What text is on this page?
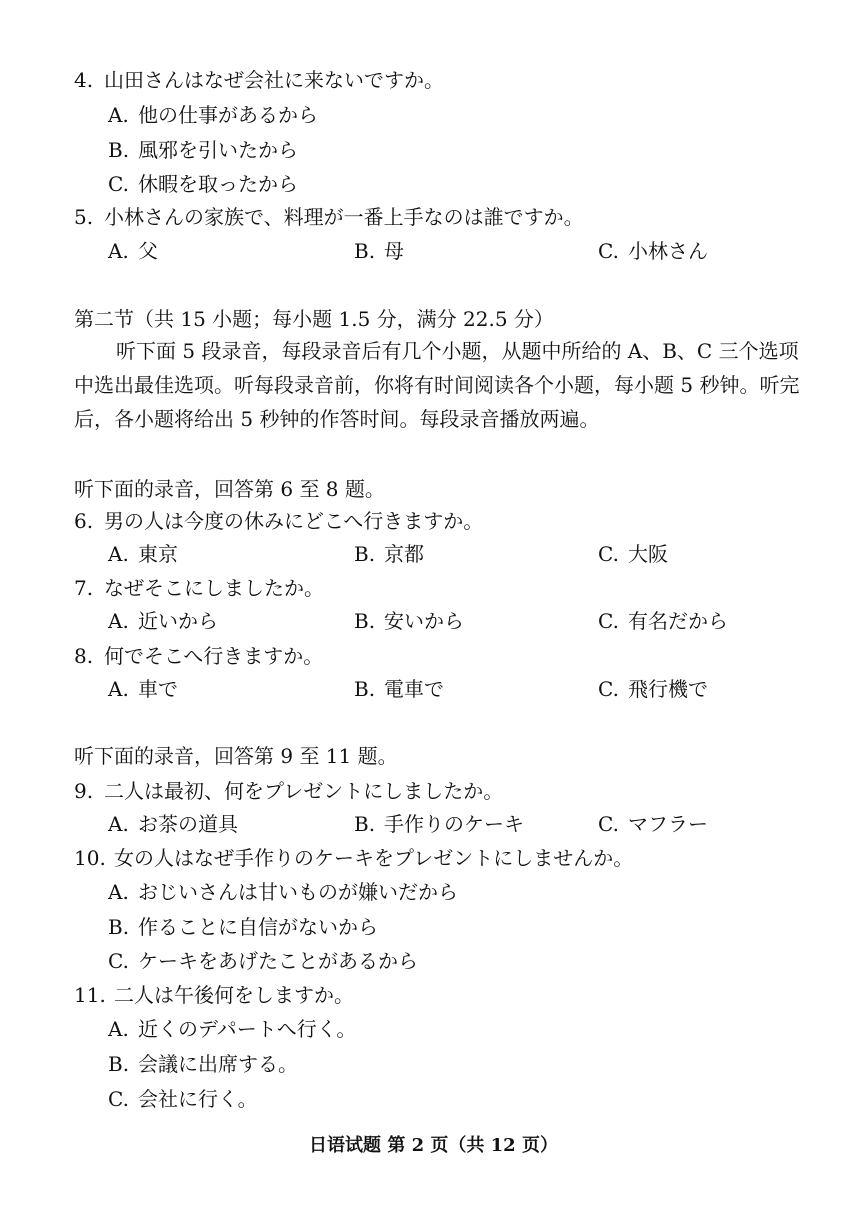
4. 山田さんはなぜ会社に来ないですか。
A. 他の仕事があるから
B. 風邪を引いたから
C. 休暇を取ったから
5. 小林さんの家族で、料理が一番上手なのは誰ですか。
A. 父	B. 母	C. 小林さん
第二节（共 15 小题；每小题 1.5 分，满分 22.5 分）
听下面 5 段录音，每段录音后有几个小题，从题中所给的 A、B、C 三个选项中选出最佳选项。听每段录音前，你将有时间阅读各个小题，每小题 5 秒钟。听完后，各小题将给出 5 秒钟的作答时间。每段录音播放两遍。
听下面的录音，回答第 6 至 8 题。
6. 男の人は今度の休みにどこへ行きますか。
A. 東京	B. 京都	C. 大阪
7. なぜそこにしましたか。
A. 近いから	B. 安いから	C. 有名だから
8. 何でそこへ行きますか。
A. 車で	B. 電車で	C. 飛行機で
听下面的录音，回答第 9 至 11 题。
9. 二人は最初、何をプレゼントにしましたか。
A. お茶の道具	B. 手作りのケーキ	C. マフラー
10. 女の人はなぜ手作りのケーキをプレゼントにしませんか。
A. おじいさんは甘いものが嫌いだから
B. 作ることに自信がないから
C. ケーキをあげたことがあるから
11. 二人は午後何をしますか。
A. 近くのデパートへ行く。
B. 会議に出席する。
C. 会社に行く。
日语试题 第 2 页（共 12 页）
